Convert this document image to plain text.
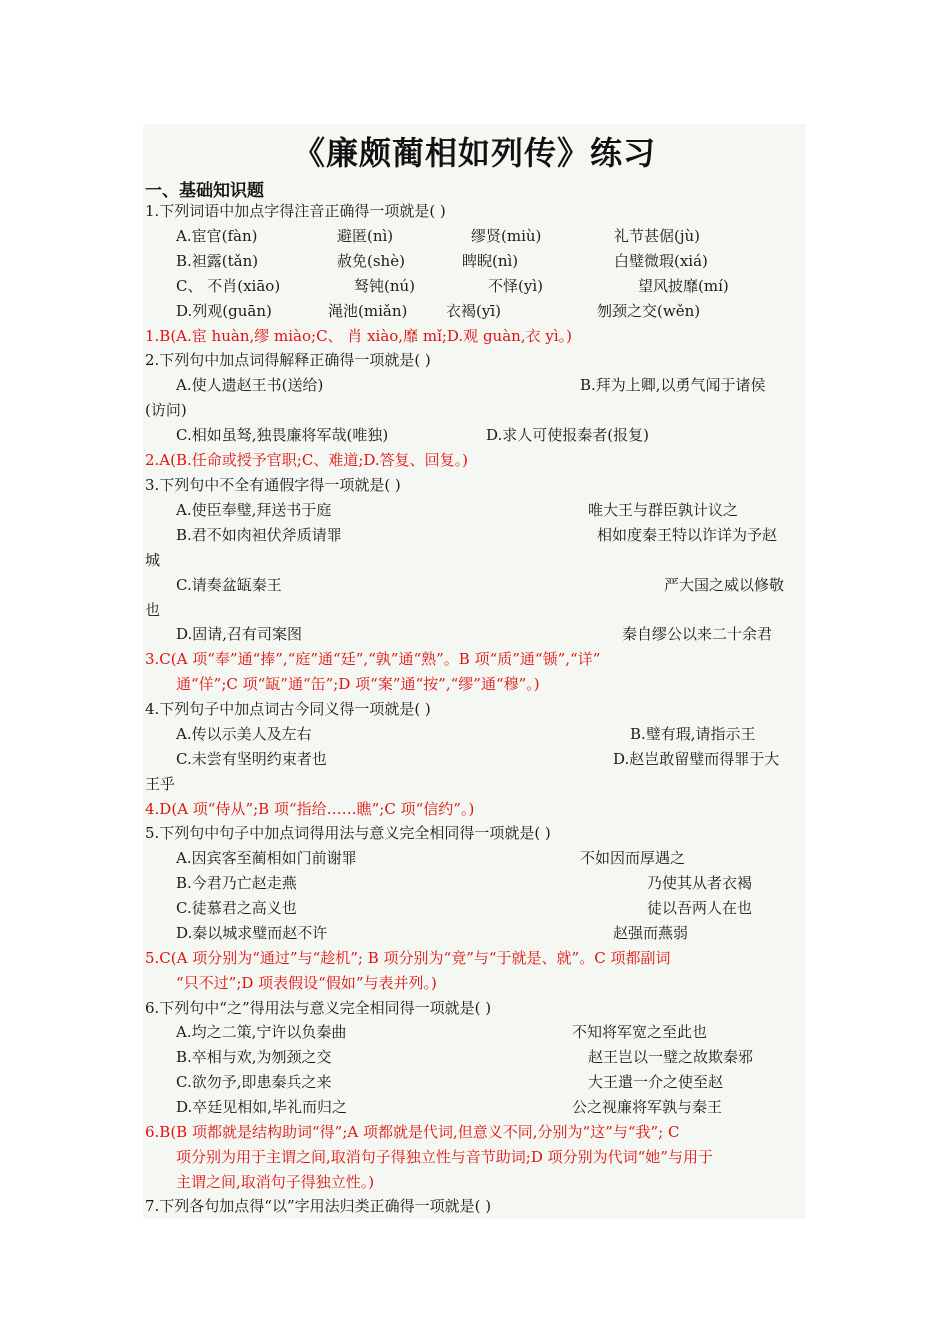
《廉颇蔺相如列传》练习
一、基础知识题
1.下列词语中加点字得注音正确得一项就是( )
A.宦官(fàn)	避匿(nì)	缪贤(miù)	礼节甚倨(jù)
B.袒露(tǎn)	赦免(shè)	睥睨(nì)	白璧微瑕(xiá)
C、 不肖(xiāo)	驽钝(nú)	不怿(yì)	望风披靡(mí)
D.列观(guān)	渑池(miǎn)	衣褐(yī)	刎颈之交(wěn)
1.B(A.宦 huàn,缪 miào;C、 肖 xiào,靡 mǐ;D.观 guàn,衣 yì。)
2.下列句中加点词得解释正确得一项就是( )
A.使人遗赵王书(送给)	B.拜为上卿,以勇气闻于诸侯
(访问)
C.相如虽驽,独畏廉将军哉(唯独)	D.求人可使报秦者(报复)
2.A(B.任命或授予官职;C、难道;D.答复、回复。)
3.下列句中不全有通假字得一项就是( )
A.使臣奉璧,拜送书于庭	唯大王与群臣孰计议之
B.君不如肉袒伏斧质请罪	相如度秦王特以诈详为予赵
城
C.请奏盆缻秦王	严大国之威以修敬
也
D.固请,召有司案图	秦自缪公以来二十余君
3.C(A 项“奉”通“捧”,“庭”通“廷”,“孰”通“熟”。B 项“质”通“锧”,“详”
通“佯”;C 项“缻”通“缶”;D 项“案”通“按”,“缪”通“穆”。)
4.下列句子中加点词古今同义得一项就是( )
A.传以示美人及左右	B.璧有瑕,请指示王
C.未尝有坚明约束者也	D.赵岂敢留璧而得罪于大
王乎
4.D(A 项“侍从”;B 项“指给……瞧”;C 项“信约”。)
5.下列句中句子中加点词得用法与意义完全相同得一项就是( )
A.因宾客至蔺相如门前谢罪	不如因而厚遇之
B.今君乃亡赵走燕	乃使其从者衣褐
C.徒慕君之高义也	徒以吾两人在也
D.秦以城求璧而赵不许	赵强而燕弱
5.C(A 项分别为“通过”与“趁机”; B 项分别为“竟”与“于就是、就”。C 项都副词
“只不过”;D 项表假设“假如”与表并列。)
6.下列句中“之”得用法与意义完全相同得一项就是( )
A.均之二策,宁许以负秦曲	不知将军宽之至此也
B.卒相与欢,为刎颈之交	赵王岂以一璧之故欺秦邪
C.欲勿予,即患秦兵之来	大王遣一介之使至赵
D.卒廷见相如,毕礼而归之	公之视廉将军孰与秦王
6.B(B 项都就是结构助词“得”;A 项都就是代词,但意义不同,分别为“这”与“我”; C
项分别为用于主谓之间,取消句子得独立性与音节助词;D 项分别为代词“她”与用于
主谓之间,取消句子得独立性。)
7.下列各句加点得“以”字用法归类正确得一项就是( )
